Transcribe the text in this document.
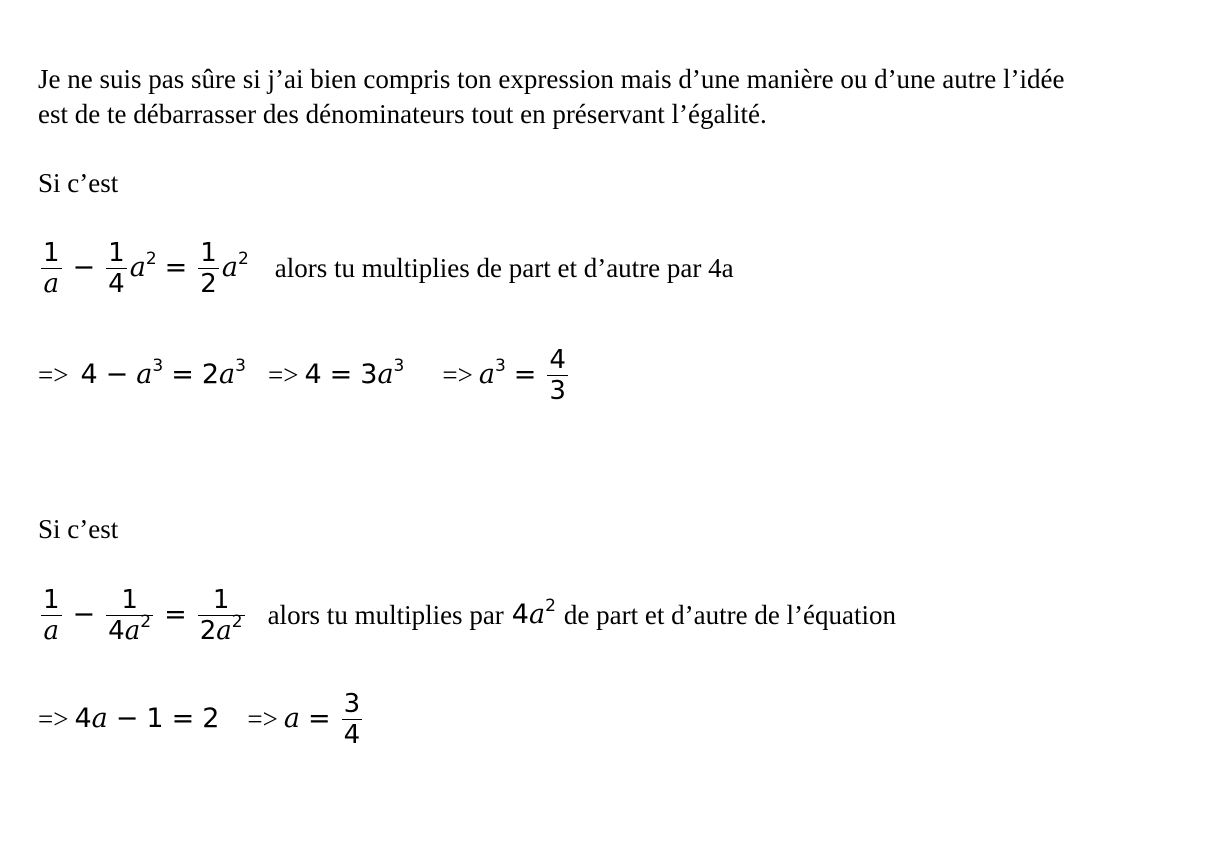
Je ne suis pas sûre si j’ai bien compris ton expression mais d’une manière ou d’une autre l’idée
est de te débarrasser des dénominateurs tout en préservant l’égalité.
Si c’est
$\frac{1}{a} - \frac{1}{4} a^2 = \frac{1}{2} a^2$ alors tu multiplies de part et d’autre par 4a
=> $4 - a^3 = 2a^3 => 4 = 3a^3 => a^3 = \frac{4}{3}$
Si c’est
$\frac{1}{a} - \frac{1}{4a^2} = \frac{1}{2a^2}$ alors tu multiplies par $4a^2$ de part et d’autre de l’équation
=> $4a - 1 = 2 => a = \frac{3}{4}$
